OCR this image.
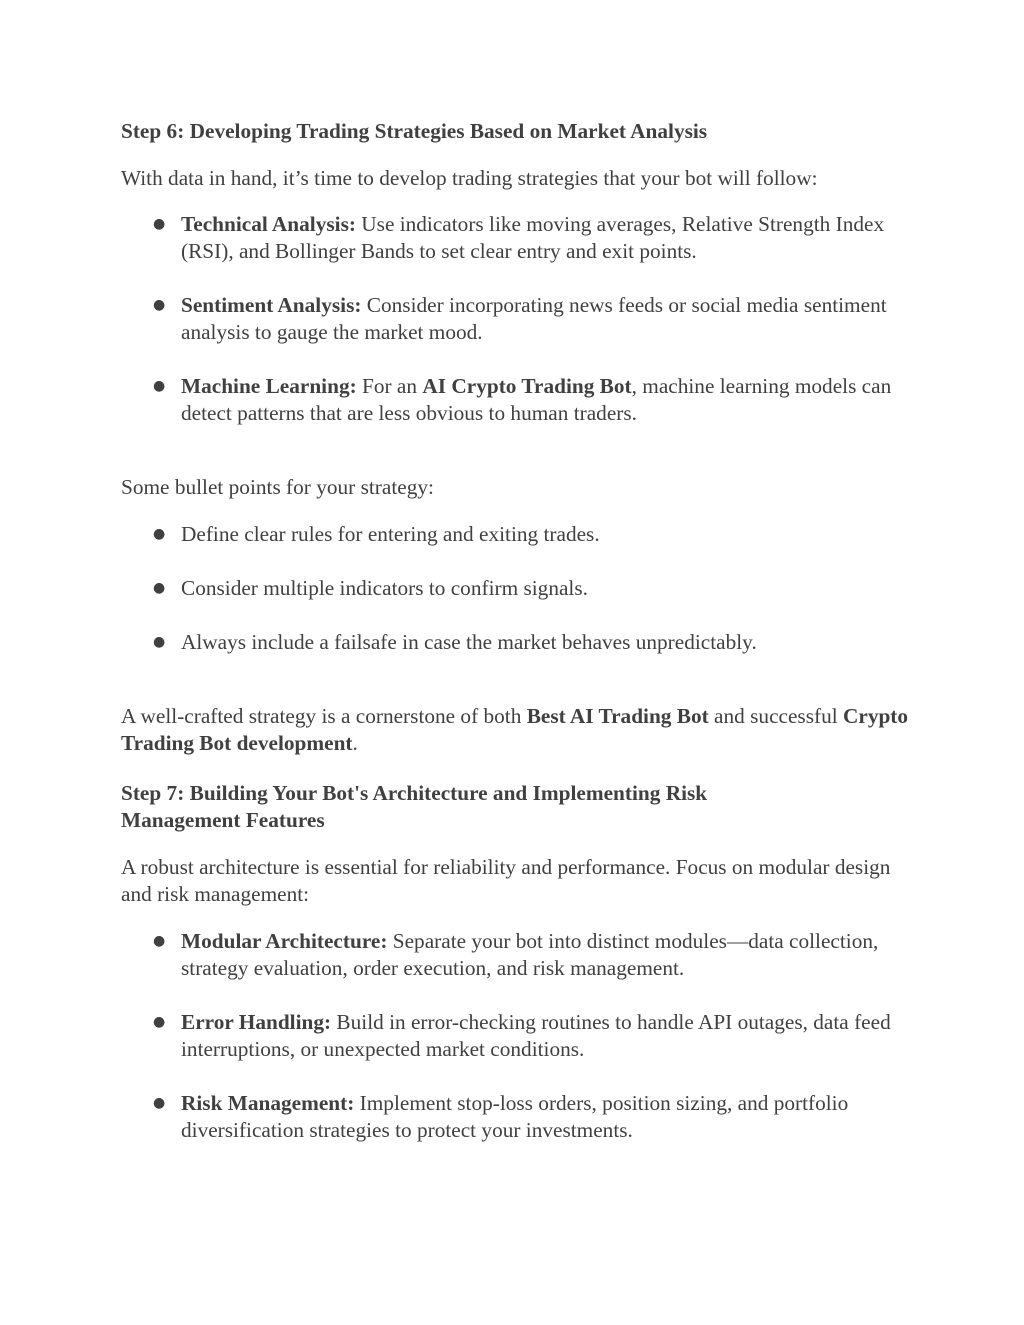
Step 6: Developing Trading Strategies Based on Market Analysis

With data in hand, it’s time to develop trading strategies that your bot will follow:

● Technical Analysis: Use indicators like moving averages, Relative Strength Index (RSI), and Bollinger Bands to set clear entry and exit points.
● Sentiment Analysis: Consider incorporating news feeds or social media sentiment analysis to gauge the market mood.
● Machine Learning: For an AI Crypto Trading Bot, machine learning models can detect patterns that are less obvious to human traders.

Some bullet points for your strategy:

● Define clear rules for entering and exiting trades.
● Consider multiple indicators to confirm signals.
● Always include a failsafe in case the market behaves unpredictably.

A well-crafted strategy is a cornerstone of both Best AI Trading Bot and successful Crypto Trading Bot development.

Step 7: Building Your Bot's Architecture and Implementing Risk Management Features

A robust architecture is essential for reliability and performance. Focus on modular design and risk management:

● Modular Architecture: Separate your bot into distinct modules—data collection, strategy evaluation, order execution, and risk management.
● Error Handling: Build in error-checking routines to handle API outages, data feed interruptions, or unexpected market conditions.
● Risk Management: Implement stop-loss orders, position sizing, and portfolio diversification strategies to protect your investments.
